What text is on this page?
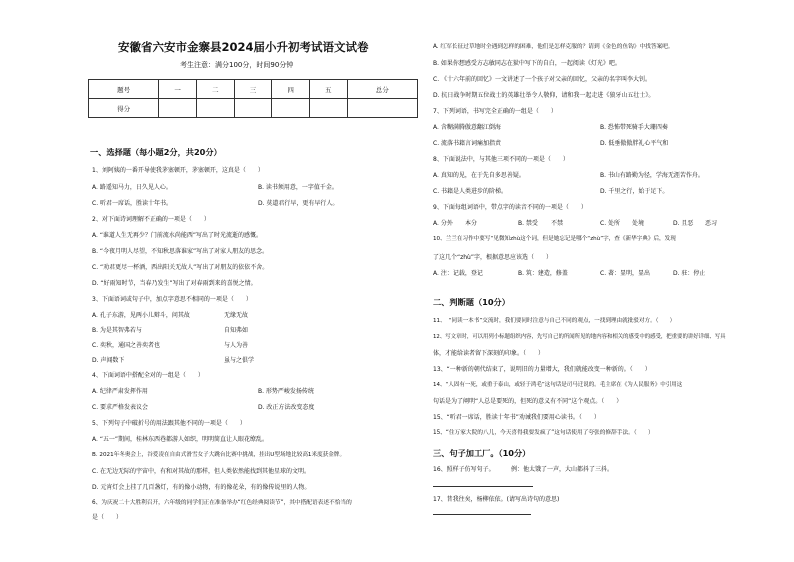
安徽省六安市金寨县2024届小升初考试语文试卷
考生注意：满分100分，时间90分钟
题号	一	二	三	四	五	总分
得分						
一、选择题（每小题2分，共20分）
1、刘阿姨的一番开导使我茅塞顿开，茅塞顿开，这真是（　　）
A. 路遥知马力，日久见人心。	B. 读书须用意，一字值千金。
C. 听君一席话，胜读十年书。	D. 莫道君行早，更有早行人。
2、对下面诗词理解不正确的一项是（　　）
A. “谁道人生无再少？门前流水尚能西”写出了时光流逝的感慨。
B. “今夜月明人尽望，不知秋思落谁家”写出了对家人朋友的思念。
C. “劝君更尽一杯酒，西出阳关无故人”写出了对朋友的依依不舍。
D. “好雨知时节，当春乃发生”写出了对春雨到来的喜悦之情。
3、下面语词或句子中，加点字意思不相同的一项是（　　）
A. 孔子东游，见两小儿辩斗，问其故	无缘无故
B. 为是其智弗若与	自知弗如
C. 奕秋，通国之善奕者也	与人为善
D. 声闻数下	虽与之俱学
4、下面词语中搭配全对的一组是（　　）
A. 纪律严肃发挥作用	B. 形势严峻发扬传统
C. 要求严格发表议会	D. 改正方法改变态度
5、下列句子中破折号的用法跟其他不同的一项是（　　）
A. “五一”期间，桂林东西巷都游人如织，明明简直让人眼花缭乱。
B. 2021年冬奥会上，谷爱凌在自由式滑雪女子大跳台比赛中挑战，挂出U型场地比较高1米度获金牌。
C. 在无边无际的宇宙中，有和对其故的那样，但人类依然能找到其他星球的文明。
D. 元宵灯会上挂了几百盏灯，有的像小动物，有的像花朵，有的像传说里的人物。
6、为庆祝二十大胜利召开，六年级的同学们正在准备举办“红色经典阅读节”，其中搭配语表述不恰当的
是（　　）
A. 红军长征过草地时全遇到怎样的困难，他们是怎样克服的？请到《金色的鱼钩》中找答案吧。
B. 如果你想感受方志敏同志在狱中写下的自白，一起阅读《灯光》吧。
C. 《十六年前的回忆》一文讲述了一个孩子对父亲的回忆，父亲的名字叫李大钊。
D. 抗日战争时期五位战士的英雄壮举令人敬仰，请和我一起走进《狼牙山五壮士》。
7、下列词语，书写完全正确的一组是（　　）
A. 含糊满腾傲意翻江倒海	B. 恐怖带死骑手大珊四奏
C. 流落书籍言词痛加指责	D. 低垂傲傲胖礼心平气和
8、下面说法中，与其他三项不同的一项是（　　）
A. 真知的见，在于先自多思善疑。	B. 书山有路勤为径，学海无涯苦作舟。
C. 书籍是人类进步的阶梯。	D. 千里之行，始于足下。
9、下面每组词语中，带点字的读音不同的一项是（　　）
A. 分外 本分	B. 禁受 不禁	C. 处所 处境	D. 且恶 恶习
10、兰兰在习作中要写“见微知zhù这个词，但是她忘记是哪个“zhù”字，查《新华字典》后，发现
了这几个“zhù”字，根据意思应该选（　　）
A. 注：记载，登记	B. 筑：建造，修盖	C. 著：显明，显出	D. 驻：停止
二、判断题（10分）
11、　“同读一本书”交流时，我们要同时注意与自己不同的观点，一找到理由就批驳对方。（　　）
12、写文章时，可以用列小标题组织内容，先写自己的所闻所见的地内容和相关的感受中的感受，把重要的讲好详细、写具
体，才能给读者留下深刻的印象。（　　）
13、“一种新的朝代结束了，说明旧的力量增大，我们就能改变一种新的。（　　）
14、“人固有一死，或重于泰山，或轻于鸿毛”这句话是司马迁说的。毛主席在《为人民服务》中引用这
句话是为了阐明“人总是要死的，但死的意义有不同”这个观点。（　　）
15、“听君一席话，胜读十年书”劝诫我们要用心读书。（　　）
15、“住万家大院的八儿，今天喜得我要发疯了”这句话使用了夸张的修辞手法。（　　）
三、句子加工厂。（10分）
16、照样子仿写句子。	例：他太饿了一声，大山都抖了三抖。
17、昔我往矣，杨柳依依。(请写出诗句的意思)
